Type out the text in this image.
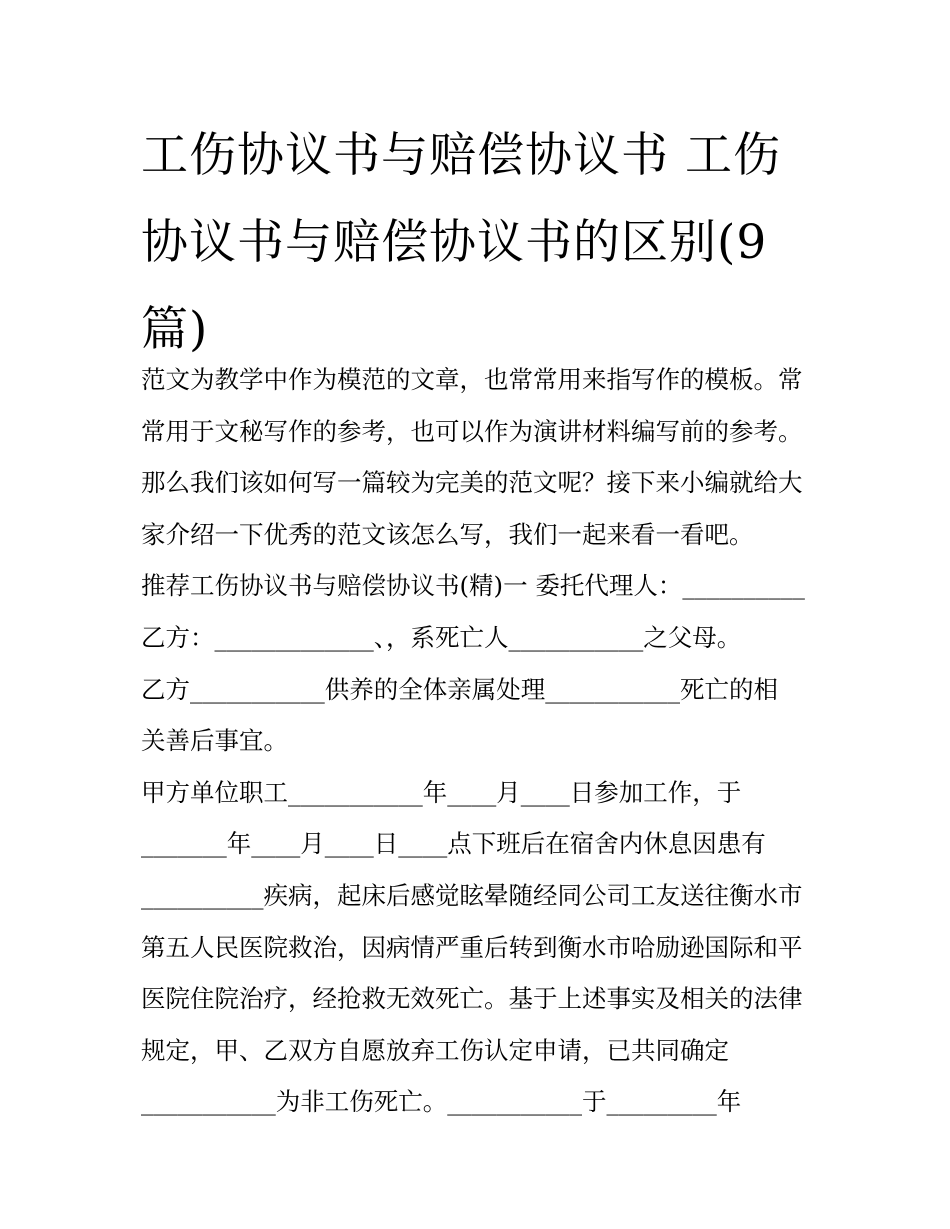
工伤协议书与赔偿协议书 工伤协议书与赔偿协议书的区别(9篇)
范文为教学中作为模范的文章，也常常用来指写作的模板。常
常用于文秘写作的参考，也可以作为演讲材料编写前的参考。
那么我们该如何写一篇较为完美的范文呢？接下来小编就给大
家介绍一下优秀的范文该怎么写，我们一起来看一看吧。
推荐工伤协议书与赔偿协议书(精)一 委托代理人：__________
乙方：_____________、，系死亡人___________之父母。
乙方___________供养的全体亲属处理___________死亡的相
关善后事宜。
甲方单位职工___________年____月____日参加工作，于
_______年____月____日____点下班后在宿舍内休息因患有
__________疾病，起床后感觉眩晕随经同公司工友送往衡水市
第五人民医院救治，因病情严重后转到衡水市哈励逊国际和平
医院住院治疗，经抢救无效死亡。基于上述事实及相关的法律
规定，甲、乙双方自愿放弃工伤认定申请，已共同确定
___________为非工伤死亡。___________于_________年
